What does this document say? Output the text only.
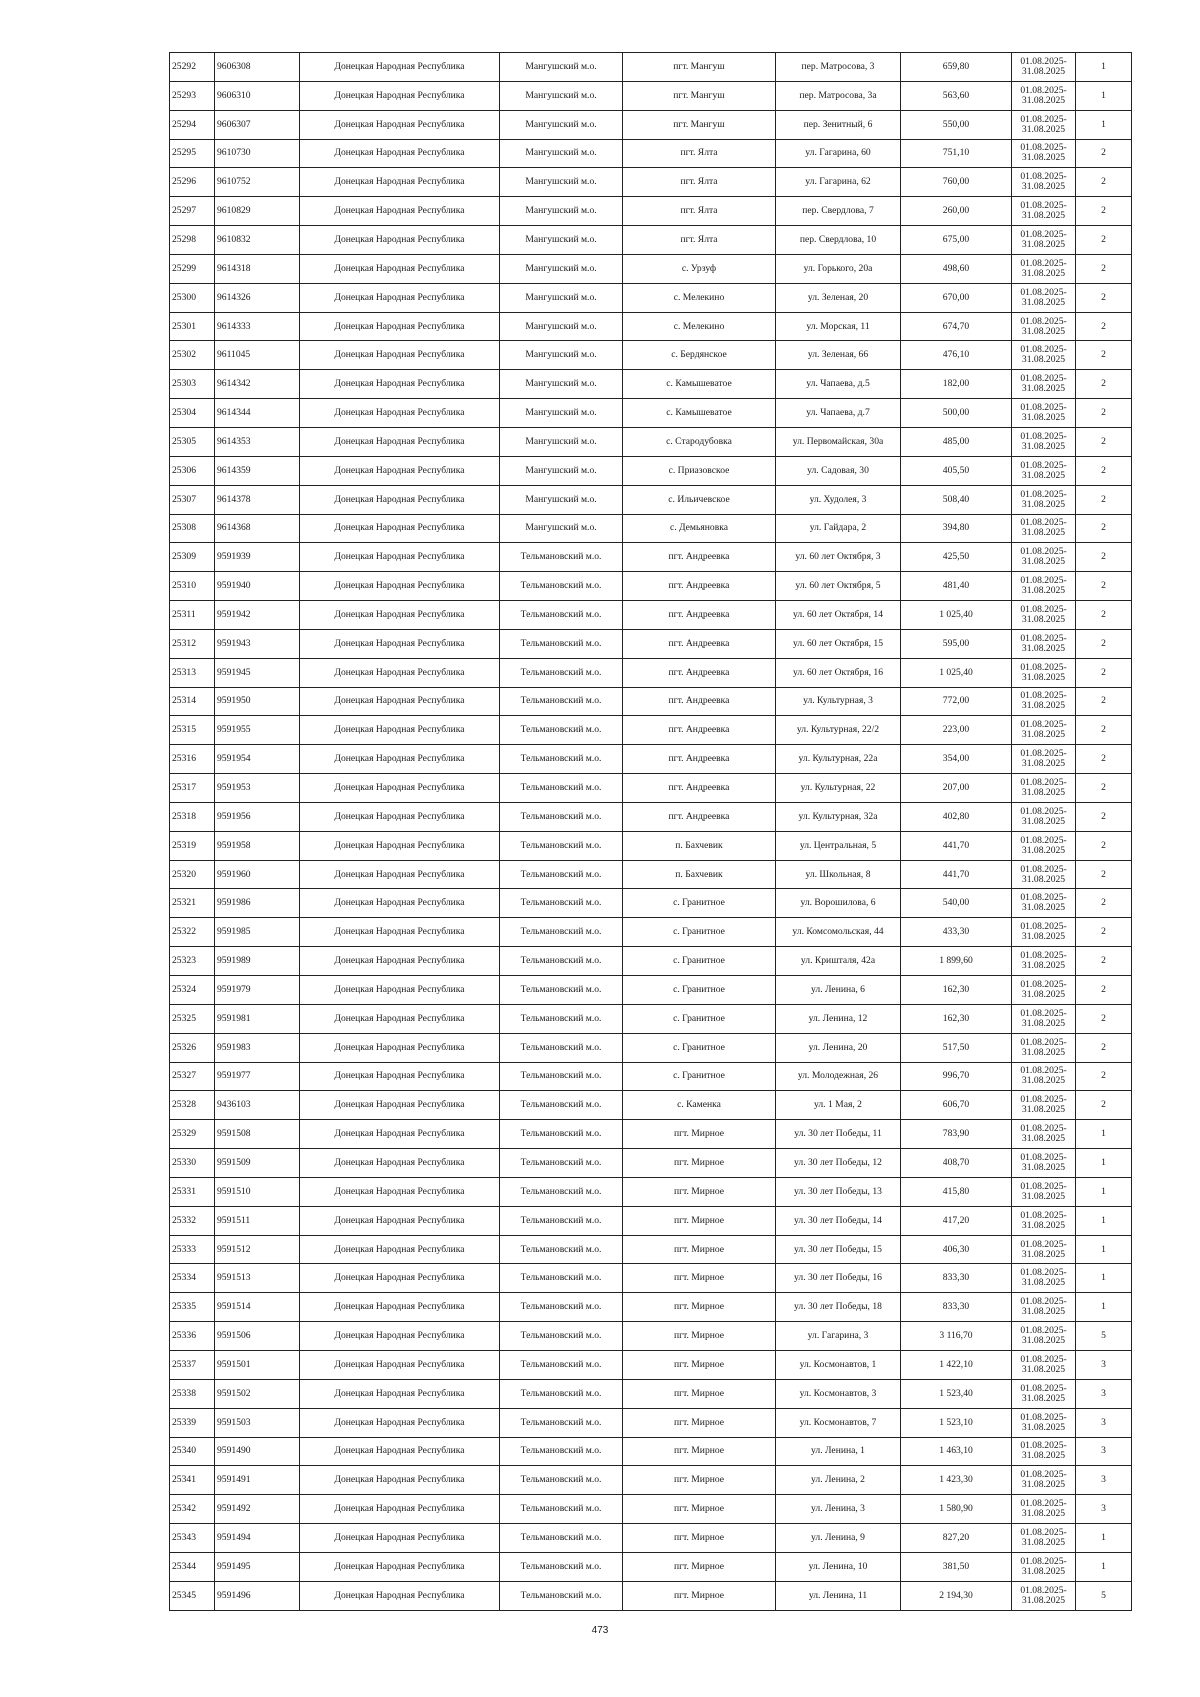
25292	9606308	Донецкая Народная Республика	Мангушский м.о.	пгт. Мангуш	пер. Матросова, 3	659,80	01.08.2025-
31.08.2025	1
25293	9606310	Донецкая Народная Республика	Мангушский м.о.	пгт. Мангуш	пер. Матросова, 3а	563,60	01.08.2025-
31.08.2025	1
25294	9606307	Донецкая Народная Республика	Мангушский м.о.	пгт. Мангуш	пер. Зенитный, 6	550,00	01.08.2025-
31.08.2025	1
25295	9610730	Донецкая Народная Республика	Мангушский м.о.	пгт. Ялта	ул. Гагарина, 60	751,10	01.08.2025-
31.08.2025	2
25296	9610752	Донецкая Народная Республика	Мангушский м.о.	пгт. Ялта	ул. Гагарина, 62	760,00	01.08.2025-
31.08.2025	2
25297	9610829	Донецкая Народная Республика	Мангушский м.о.	пгт. Ялта	пер. Свердлова, 7	260,00	01.08.2025-
31.08.2025	2
25298	9610832	Донецкая Народная Республика	Мангушский м.о.	пгт. Ялта	пер. Свердлова, 10	675,00	01.08.2025-
31.08.2025	2
25299	9614318	Донецкая Народная Республика	Мангушский м.о.	с. Урзуф	ул. Горького, 20а	498,60	01.08.2025-
31.08.2025	2
25300	9614326	Донецкая Народная Республика	Мангушский м.о.	с. Мелекино	ул. Зеленая, 20	670,00	01.08.2025-
31.08.2025	2
25301	9614333	Донецкая Народная Республика	Мангушский м.о.	с. Мелекино	ул. Морская, 11	674,70	01.08.2025-
31.08.2025	2
25302	9611045	Донецкая Народная Республика	Мангушский м.о.	с. Бердянское	ул. Зеленая, 66	476,10	01.08.2025-
31.08.2025	2
25303	9614342	Донецкая Народная Республика	Мангушский м.о.	с. Камышеватое	ул. Чапаева, д.5	182,00	01.08.2025-
31.08.2025	2
25304	9614344	Донецкая Народная Республика	Мангушский м.о.	с. Камышеватое	ул. Чапаева, д.7	500,00	01.08.2025-
31.08.2025	2
25305	9614353	Донецкая Народная Республика	Мангушский м.о.	с. Стародубовка	ул. Первомайская, 30а	485,00	01.08.2025-
31.08.2025	2
25306	9614359	Донецкая Народная Республика	Мангушский м.о.	с. Приазовское	ул. Садовая, 30	405,50	01.08.2025-
31.08.2025	2
25307	9614378	Донецкая Народная Республика	Мангушский м.о.	с. Ильичевское	ул. Худолея, 3	508,40	01.08.2025-
31.08.2025	2
25308	9614368	Донецкая Народная Республика	Мангушский м.о.	с. Демьяновка	ул. Гайдара, 2	394,80	01.08.2025-
31.08.2025	2
25309	9591939	Донецкая Народная Республика	Тельмановский м.о.	пгт. Андреевка	ул. 60 лет Октября, 3	425,50	01.08.2025-
31.08.2025	2
25310	9591940	Донецкая Народная Республика	Тельмановский м.о.	пгт. Андреевка	ул. 60 лет Октября, 5	481,40	01.08.2025-
31.08.2025	2
25311	9591942	Донецкая Народная Республика	Тельмановский м.о.	пгт. Андреевка	ул. 60 лет Октября, 14	1 025,40	01.08.2025-
31.08.2025	2
25312	9591943	Донецкая Народная Республика	Тельмановский м.о.	пгт. Андреевка	ул. 60 лет Октября, 15	595,00	01.08.2025-
31.08.2025	2
25313	9591945	Донецкая Народная Республика	Тельмановский м.о.	пгт. Андреевка	ул. 60 лет Октября, 16	1 025,40	01.08.2025-
31.08.2025	2
25314	9591950	Донецкая Народная Республика	Тельмановский м.о.	пгт. Андреевка	ул. Культурная, 3	772,00	01.08.2025-
31.08.2025	2
25315	9591955	Донецкая Народная Республика	Тельмановский м.о.	пгт. Андреевка	ул. Культурная, 22/2	223,00	01.08.2025-
31.08.2025	2
25316	9591954	Донецкая Народная Республика	Тельмановский м.о.	пгт. Андреевка	ул. Культурная, 22а	354,00	01.08.2025-
31.08.2025	2
25317	9591953	Донецкая Народная Республика	Тельмановский м.о.	пгт. Андреевка	ул. Культурная, 22	207,00	01.08.2025-
31.08.2025	2
25318	9591956	Донецкая Народная Республика	Тельмановский м.о.	пгт. Андреевка	ул. Культурная, 32а	402,80	01.08.2025-
31.08.2025	2
25319	9591958	Донецкая Народная Республика	Тельмановский м.о.	п. Бахчевик	ул. Центральная, 5	441,70	01.08.2025-
31.08.2025	2
25320	9591960	Донецкая Народная Республика	Тельмановский м.о.	п. Бахчевик	ул. Школьная, 8	441,70	01.08.2025-
31.08.2025	2
25321	9591986	Донецкая Народная Республика	Тельмановский м.о.	с. Гранитное	ул. Ворошилова, 6	540,00	01.08.2025-
31.08.2025	2
25322	9591985	Донецкая Народная Республика	Тельмановский м.о.	с. Гранитное	ул. Комсомольская, 44	433,30	01.08.2025-
31.08.2025	2
25323	9591989	Донецкая Народная Республика	Тельмановский м.о.	с. Гранитное	ул. Кришталя, 42а	1 899,60	01.08.2025-
31.08.2025	2
25324	9591979	Донецкая Народная Республика	Тельмановский м.о.	с. Гранитное	ул. Ленина, 6	162,30	01.08.2025-
31.08.2025	2
25325	9591981	Донецкая Народная Республика	Тельмановский м.о.	с. Гранитное	ул. Ленина, 12	162,30	01.08.2025-
31.08.2025	2
25326	9591983	Донецкая Народная Республика	Тельмановский м.о.	с. Гранитное	ул. Ленина, 20	517,50	01.08.2025-
31.08.2025	2
25327	9591977	Донецкая Народная Республика	Тельмановский м.о.	с. Гранитное	ул. Молодежная, 26	996,70	01.08.2025-
31.08.2025	2
25328	9436103	Донецкая Народная Республика	Тельмановский м.о.	с. Каменка	ул. 1 Мая, 2	606,70	01.08.2025-
31.08.2025	2
25329	9591508	Донецкая Народная Республика	Тельмановский м.о.	пгт. Мирное	ул. 30 лет Победы, 11	783,90	01.08.2025-
31.08.2025	1
25330	9591509	Донецкая Народная Республика	Тельмановский м.о.	пгт. Мирное	ул. 30 лет Победы, 12	408,70	01.08.2025-
31.08.2025	1
25331	9591510	Донецкая Народная Республика	Тельмановский м.о.	пгт. Мирное	ул. 30 лет Победы, 13	415,80	01.08.2025-
31.08.2025	1
25332	9591511	Донецкая Народная Республика	Тельмановский м.о.	пгт. Мирное	ул. 30 лет Победы, 14	417,20	01.08.2025-
31.08.2025	1
25333	9591512	Донецкая Народная Республика	Тельмановский м.о.	пгт. Мирное	ул. 30 лет Победы, 15	406,30	01.08.2025-
31.08.2025	1
25334	9591513	Донецкая Народная Республика	Тельмановский м.о.	пгт. Мирное	ул. 30 лет Победы, 16	833,30	01.08.2025-
31.08.2025	1
25335	9591514	Донецкая Народная Республика	Тельмановский м.о.	пгт. Мирное	ул. 30 лет Победы, 18	833,30	01.08.2025-
31.08.2025	1
25336	9591506	Донецкая Народная Республика	Тельмановский м.о.	пгт. Мирное	ул. Гагарина, 3	3 116,70	01.08.2025-
31.08.2025	5
25337	9591501	Донецкая Народная Республика	Тельмановский м.о.	пгт. Мирное	ул. Космонавтов, 1	1 422,10	01.08.2025-
31.08.2025	3
25338	9591502	Донецкая Народная Республика	Тельмановский м.о.	пгт. Мирное	ул. Космонавтов, 3	1 523,40	01.08.2025-
31.08.2025	3
25339	9591503	Донецкая Народная Республика	Тельмановский м.о.	пгт. Мирное	ул. Космонавтов, 7	1 523,10	01.08.2025-
31.08.2025	3
25340	9591490	Донецкая Народная Республика	Тельмановский м.о.	пгт. Мирное	ул. Ленина, 1	1 463,10	01.08.2025-
31.08.2025	3
25341	9591491	Донецкая Народная Республика	Тельмановский м.о.	пгт. Мирное	ул. Ленина, 2	1 423,30	01.08.2025-
31.08.2025	3
25342	9591492	Донецкая Народная Республика	Тельмановский м.о.	пгт. Мирное	ул. Ленина, 3	1 580,90	01.08.2025-
31.08.2025	3
25343	9591494	Донецкая Народная Республика	Тельмановский м.о.	пгт. Мирное	ул. Ленина, 9	827,20	01.08.2025-
31.08.2025	1
25344	9591495	Донецкая Народная Республика	Тельмановский м.о.	пгт. Мирное	ул. Ленина, 10	381,50	01.08.2025-
31.08.2025	1
25345	9591496	Донецкая Народная Республика	Тельмановский м.о.	пгт. Мирное	ул. Ленина, 11	2 194,30	01.08.2025-
31.08.2025	5
473
